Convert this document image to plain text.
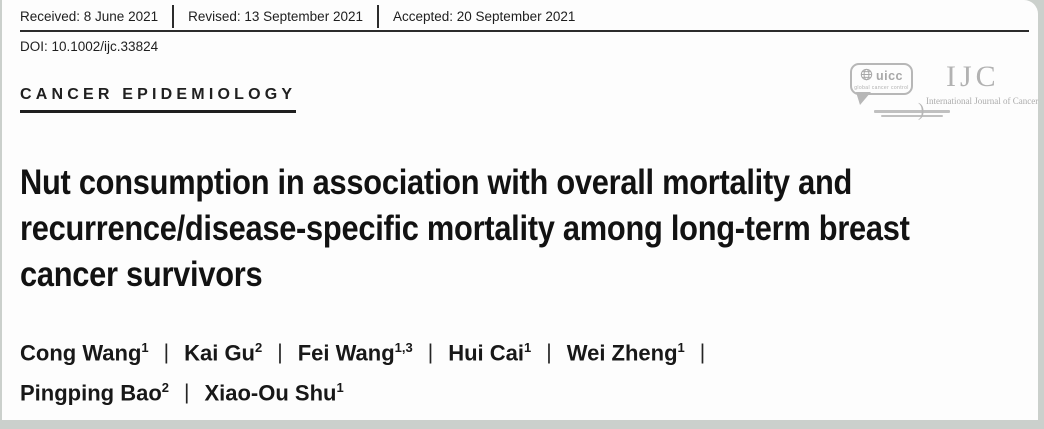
Received: 8 June 2021 Revised: 13 September 2021 Accepted: 20 September 2021
DOI: 10.1002/ijc.33824
CANCER EPIDEMIOLOGY
uicc
global cancer control
)
IJC
International Journal of Cancer
Nut consumption in association with overall mortality and
recurrence/disease-specific mortality among long-term breast
cancer survivors
Cong Wang$^1$ | Kai Gu$^2$ | Fei Wang$^{1,3}$ | Hui Cai$^1$ | Wei Zheng$^1$ |
Pingping Bao$^2$ | Xiao-Ou Shu$^1$
